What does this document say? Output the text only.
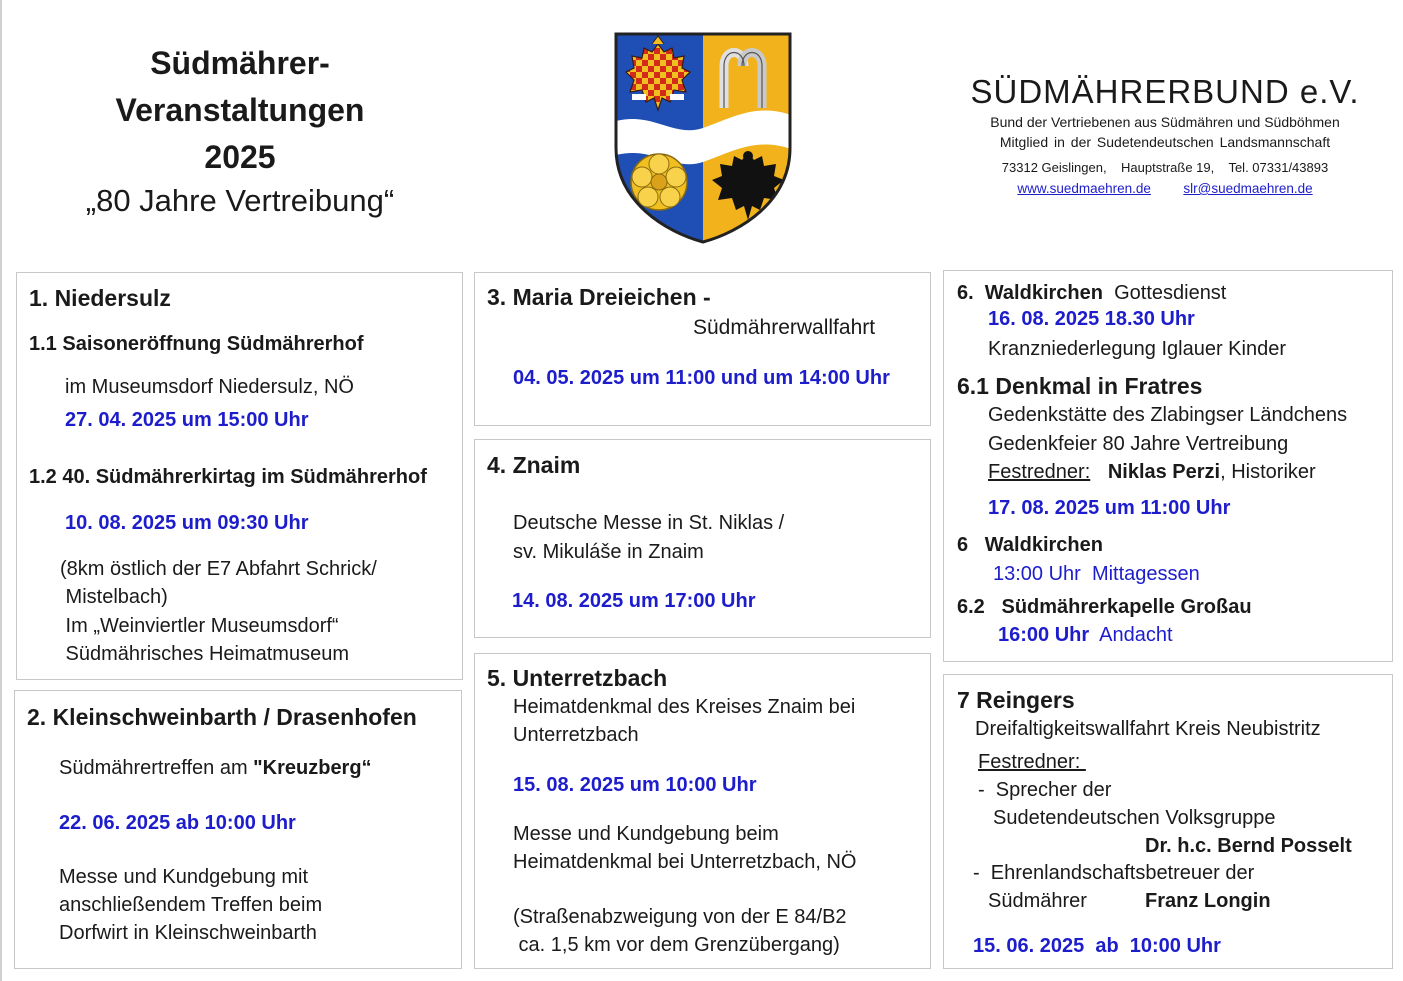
Südmährer-
Veranstaltungen
2025
„80 Jahre Vertreibung“
SÜDMÄHRERBUND e.V.
Bund der Vertriebenen aus Südmähren und Südböhmen
Mitglied in der Sudetendeutschen Landsmannschaft
73312 Geislingen,    Hauptstraße 19,    Tel. 07331/43893
www.suedmaehren.de slr@suedmaehren.de
1. Niedersulz
1.1 Saisoneröffnung Südmährerhof
im Museumsdorf Niedersulz, NÖ
27. 04. 2025 um 15:00 Uhr
1.2 40. Südmährerkirtag im Südmährerhof
10. 08. 2025 um 09:30 Uhr
(8km östlich der E7 Abfahrt Schrick/
Mistelbach)
Im „Weinviertler Museumsdorf“
Südmährisches Heimatmuseum
2. Kleinschweinbarth / Drasenhofen
Südmährertreffen am "Kreuzberg“
22. 06. 2025 ab 10:00 Uhr
Messe und Kundgebung mit
anschließendem Treffen beim
Dorfwirt in Kleinschweinbarth
3. Maria Dreieichen -
Südmährerwallfahrt
04. 05. 2025 um 11:00 und um 14:00 Uhr
4. Znaim
Deutsche Messe in St. Niklas /
sv. Mikuláše in Znaim
14. 08. 2025 um 17:00 Uhr
5. Unterretzbach
Heimatdenkmal des Kreises Znaim bei
Unterretzbach
15. 08. 2025 um 10:00 Uhr
Messe und Kundgebung beim
Heimatdenkmal bei Unterretzbach, NÖ
(Straßenabzweigung von der E 84/B2
ca. 1,5 km vor dem Grenzübergang)
6.  Waldkirchen  Gottesdienst
16. 08. 2025 18.30 Uhr
Kranzniederlegung Iglauer Kinder
6.1 Denkmal in Fratres
Gedenkstätte des Zlabingser Ländchens
Gedenkfeier 80 Jahre Vertreibung
Festredner: Niklas Perzi, Historiker
17. 08. 2025 um 11:00 Uhr
6   Waldkirchen
13:00 Uhr  Mittagessen
6.2   Südmährerkapelle Großau
16:00 Uhr  Andacht
7 Reingers
Dreifaltigkeitswallfahrt Kreis Neubistritz
Festredner:
-  Sprecher der
Sudetendeutschen Volksgruppe
Dr. h.c. Bernd Posselt
-  Ehrenlandschaftsbetreuer der
Südmährer	Franz Longin
15. 06. 2025  ab  10:00 Uhr
